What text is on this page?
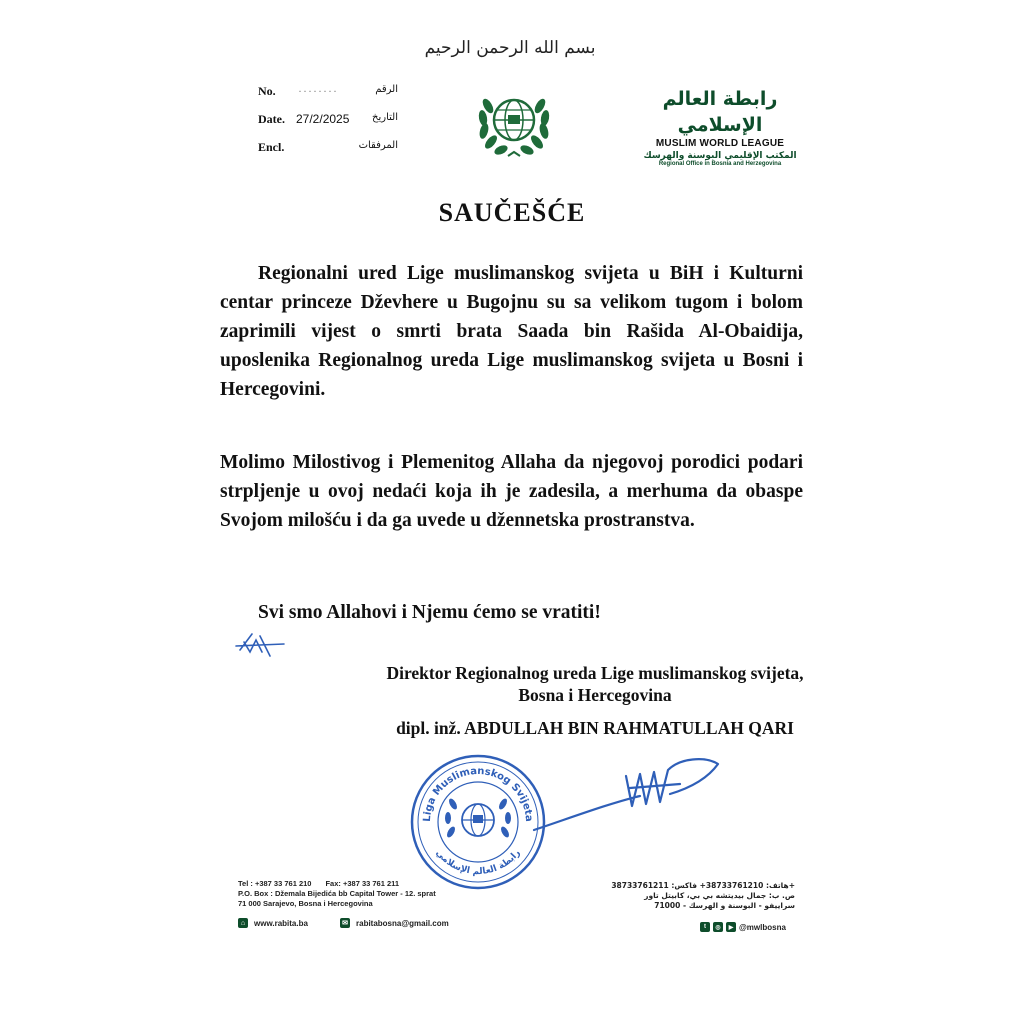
بسم الله الرحمن الرحيم
No. ········	الرقم
Date. 27/2/2025 التاريخ
Encl.	المرفقات
رابطة العالم الإسلامي
MUSLIM WORLD LEAGUE
المكتب الإقليمي البوسنة والهرسك
Regional Office in Bosnia and Herzegovina
SAUČEŠĆE
Regionalni ured Lige muslimanskog svijeta u BiH i Kulturni centar princeze Dževhere u Bugojnu su sa velikom tugom i bolom zaprimili vijest o smrti brata Saada bin Rašida Al-Obaidija, uposlenika Regionalnog ureda Lige muslimanskog svijeta u Bosni i Hercegovini.
Molimo Milostivog i Plemenitog Allaha da njegovoj porodici podari strpljenje u ovoj nedaći koja ih je zadesila, a merhuma da obaspe Svojom milošću i da ga uvede u džennetska prostranstva.
Svi smo Allahovi i Njemu ćemo se vratiti!
Direktor Regionalnog ureda Lige muslimanskog svijeta,
Bosna i Hercegovina
dipl. inž. ABDULLAH BIN RAHMATULLAH QARI
Liga Muslimanskog Svijeta
رابطة العالم الإسلامي
Tel : +387 33 761 210 Fax: +387 33 761 211
P.O. Box : Džemala Bijedića bb Capital Tower - 12. sprat
71 000 Sarajevo, Bosna i Hercegovina
هاتف: 38733761210+ فاكس: 38733761211+
ص. ب: جمال بيديتشه بي بي، كابيتل تاور
71000 - سراييفو - البوسنة و الهرسك
⌂	www.rabita.ba	✉ rabitabosna@gmail.com	t	◎	▶ @mwlbosna
